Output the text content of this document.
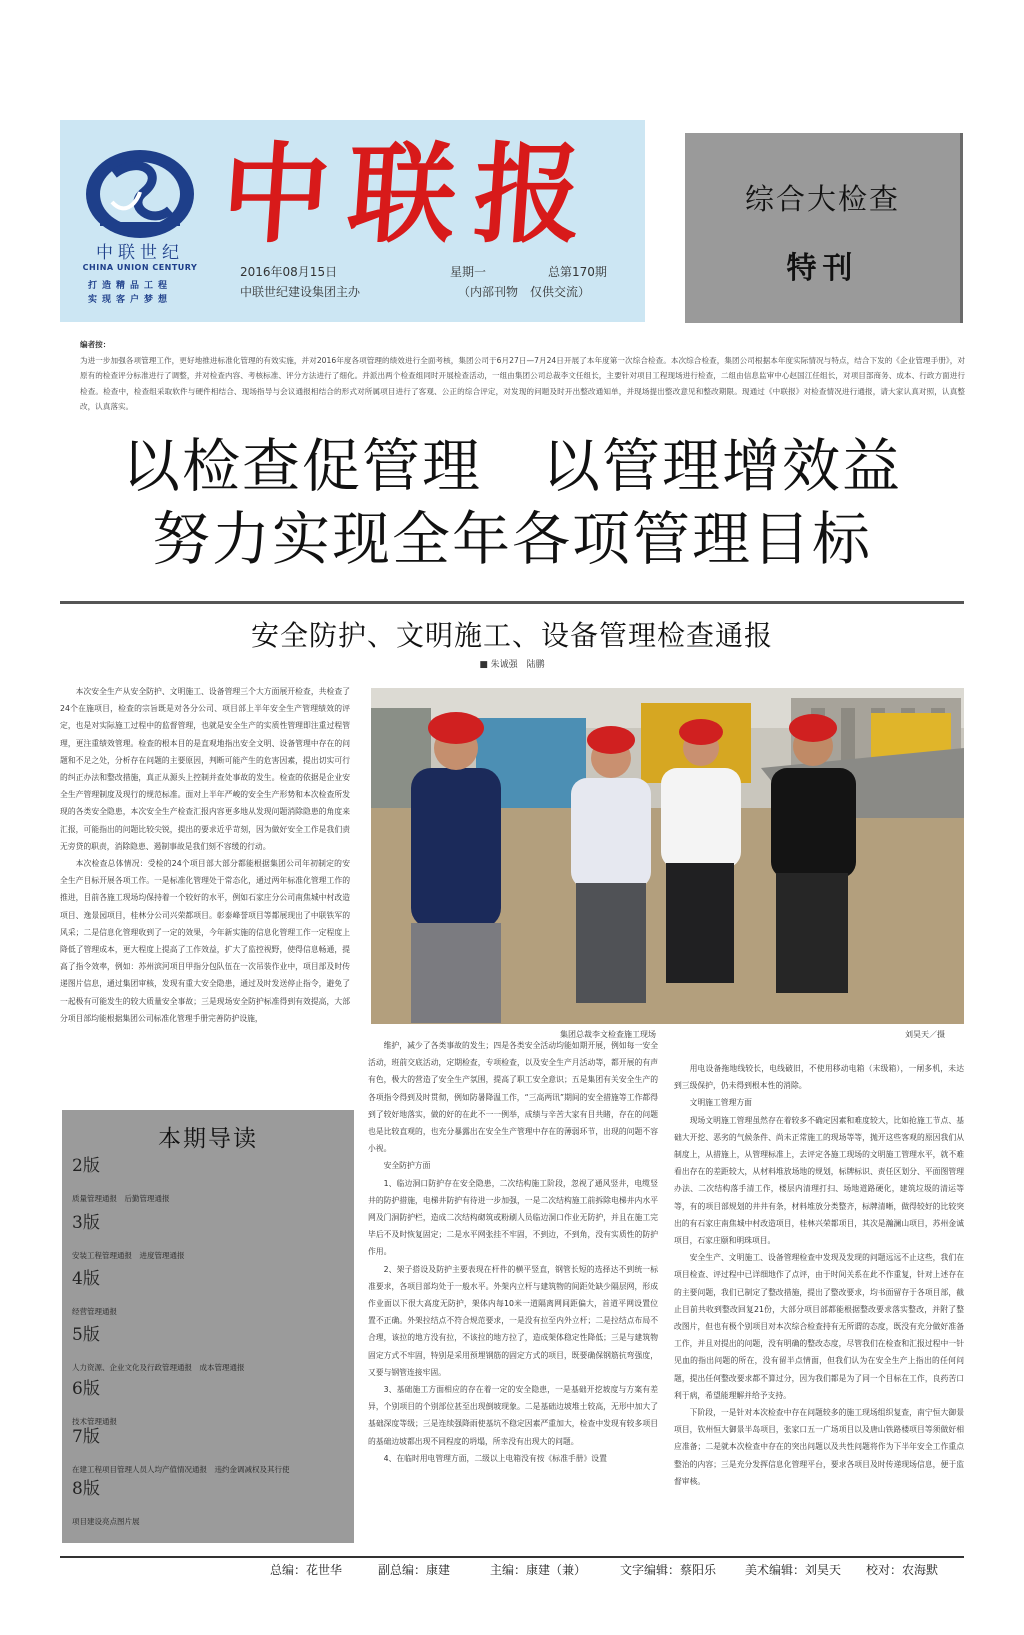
中联世纪
CHINA UNION CENTURY
打造精品工程
实现客户梦想
中联报
2016年08月15日	星期一	总第170期
中联世纪建设集团主办	（内部刊物　仅供交流）
综合大检查
特刊
编者按：
为进一步加强各项管理工作，更好地推进标准化管理的有效实施，并对2016年度各项管理的绩效进行全面考核，集团公司于6月27日—7月24日开展了本年度第一次综合检查。本次综合检查，集团公司根据本年度实际情况与特点，结合下发的《企业管理手册》，对原有的检查评分标准进行了调整，并对检查内容、考核标准、评分方法进行了细化。并派出两个检查组同时开展检查活动，一组由集团公司总裁李文任组长，主要针对项目工程现场进行检查，二组由信息监审中心赵国江任组长，对项目部商务、成本、行政方面进行检查。检查中，检查组采取软件与硬件相结合、现场指导与会议通报相结合的形式对所属项目进行了客观、公正的综合评定，对发现的问题及时开出整改通知单，并现场提出整改意见和整改期限。现通过《中联报》对检查情况进行通报，请大家认真对照，认真整改，认真落实。
以检查促管理　以管理增效益
努力实现全年各项管理目标
安全防护、文明施工、设备管理检查通报
■ 朱诚强　陆鹏

本次安全生产从安全防护、文明施工、设备管理三个大方面展开检查，共检查了24个在施项目，检查的宗旨既是对各分公司、项目部上半年安全生产管理绩效的评定，也是对实际施工过程中的监督管理，也就是安全生产的实质性管理即注重过程管理，更注重绩效管理。检查的根本目的是直观地指出安全文明、设备管理中存在的问题和不足之处，分析存在问题的主要原因，判断可能产生的危害因素，提出切实可行的纠正办法和整改措施，真正从源头上控制并查处事故的发生。检查的依据是企业安全生产管理制度及现行的规范标准。面对上半年严峻的安全生产形势和本次检查所发现的各类安全隐患，本次安全生产检查汇报内容更多地从发现问题消除隐患的角度来汇报，可能指出的问题比较尖锐，提出的要求近乎苛刻，因为做好安全工作是我们责无旁贷的职责，消除隐患、遏制事故是我们刻不容缓的行动。

本次检查总体情况：受检的24个项目部大部分都能根据集团公司年初制定的安全生产目标开展各项工作。一是标准化管理处于常态化，通过两年标准化管理工作的推进，目前各施工现场均保持着一个较好的水平，例如石家庄分公司南焦城中村改造项目、逸景园项目，桂林分公司兴荣都项目。彰泰峰誉项目等都展现出了中联铁军的风采；二是信息化管理收到了一定的效果，今年新实施的信息化管理工作一定程度上降低了管理成本，更大程度上提高了工作效益，扩大了监控视野，使得信息畅通，提高了指令效率，例如：苏州滨河项目甲指分包队伍在一次吊装作业中，项目部及时传递图片信息，通过集团审核，发现有重大安全隐患，通过及时发送停止指令，避免了一起极有可能发生的较大质量安全事故；三是现场安全防护标准得到有效提高，大部分项目部均能根据集团公司标准化管理手册完善防护设施，

集团总裁李文检查施工现场	刘昊天／摄

维护，减少了各类事故的发生；四是各类安全活动均能如期开展，例如每一安全活动，班前交底活动，定期检查，专项检查，以及安全生产月活动等，都开展的有声有色，极大的营造了安全生产氛围，提高了职工安全意识；五是集团有关安全生产的各项指令得到及时贯彻，例如防暑降温工作，“三高两讯”期间的安全措施等工作都得到了较好地落实，做的好的在此不一一例举，成绩与辛苦大家有目共睹，存在的问题也是比较直观的，也充分暴露出在安全生产管理中存在的薄弱环节，出现的问题不容小视。

安全防护方面

1、临边洞口防护存在安全隐患，二次结构施工阶段，忽视了通风竖井，电缆竖井的防护措施，电梯井防护有待进一步加强，一是二次结构施工前拆除电梯井内水平网及门洞防护栏，造成二次结构砌筑或粉刷人员临边洞口作业无防护，并且在施工完毕后不及时恢复固定；二是水平网张挂不牢固，不到边，不到角，没有实质性的防护作用。

2、架子搭设及防护主要表现在杆件的横平竖直，钢管长短的选择达不到统一标准要求，各项目部均处于一般水平。外架内立杆与建筑物的间距处缺少隔层网，形成作业面以下很大高度无防护，架体内每10米一道隔离网间距偏大，首道平网设置位置不正确。外架拉结点不符合规范要求，一是没有拉至内外立杆；二是拉结点布局不合理，该拉的地方没有拉，不该拉的地方拉了，造成架体稳定性降低；三是与建筑物固定方式不牢固，特别是采用预埋钢筋的固定方式的项目，既要确保钢筋抗弯强度，又要与钢管连接牢固。

3、基础施工方面相应的存在着一定的安全隐患，一是基础开挖坡度与方案有差异，个别项目的个别部位甚至出现倒坡现象。二是基础边坡堆土较高，无形中加大了基础深度等级；三是连续强降雨使基坑不稳定因素严重加大，检查中发现有较多项目的基础边坡都出现不同程度的坍塌，所幸没有出现大的问题。

4、在临时用电管理方面，二级以上电箱没有按《标准手册》设置

用电设备拖地线较长，电线破旧，不使用移动电箱（末级箱），一闸多机，未达到三级保护，仍未得到根本性的消除。

文明施工管理方面

现场文明施工管理虽然存在着较多不确定因素和难度较大，比如抢施工节点、基础大开挖、恶劣的气候条件、尚未正常施工的现场等等，抛开这些客观的原因我们从制度上，从措施上，从管理标准上，去评定各施工现场的文明施工管理水平，就不难看出存在的差距较大，从材料堆放场地的规划，标牌标识、责任区划分、平面图管理办法、二次结构落手清工作，楼层内清理打扫、场地道路硬化，建筑垃圾的清运等等，有的项目部规划的井井有条，材料堆放分类整齐，标牌清晰，做得较好的比较突出的有石家庄南焦城中村改造项目，桂林兴荣都项目，其次是瀚澜山项目，苏州金诚项目，石家庄颐和明珠项目。

安全生产、文明施工、设备管理检查中发现及发现的问题远远不止这些，我们在项目检查、评过程中已详细地作了点评，由于时间关系在此不作重复，针对上述存在的主要问题，我们已制定了整改措施，提出了整改要求，均书面留存于各项目部，截止目前共收到整改回复21份，大部分项目部都能根据整改要求落实整改，并附了整改图片，但也有极个别项目对本次综合检查持有无所谓的态度，既没有充分做好准备工作，并且对提出的问题，没有明确的整改态度，尽管我们在检查和汇报过程中一针见血的指出问题的所在，没有留半点情面，但我们认为在安全生产上指出的任何问题，提出任何整改要求都不算过分，因为我们都是为了同一个目标在工作，良药苦口利于病，希望能理解并给予支持。

下阶段，一是针对本次检查中存在问题较多的施工现场组织复查，南宁恒大御景项目，钦州恒大御景半岛项目，张家口五一广场项目以及唐山铁路楼项目等须做好相应准备；二是就本次检查中存在的突出问题以及共性问题将作为下半年安全工作重点整治的内容；三是充分发挥信息化管理平台，要求各项目及时传递现场信息，便于监督审核。

本期导读
2版
质量管理通报　后勤管理通报
3版
安装工程管理通报　进度管理通报
4版
经营管理通报
5版
人力资源、企业文化及行政管理通报　成本管理通报
6版
技术管理通报
7版
在建工程项目管理人员人均产值情况通报　违约金调减权及其行使
8版
项目建设亮点图片展
总编：花世华	副总编：康建	主编：康建（兼）	文字编辑：蔡阳乐 美术编辑：刘昊天 校对：农海默
